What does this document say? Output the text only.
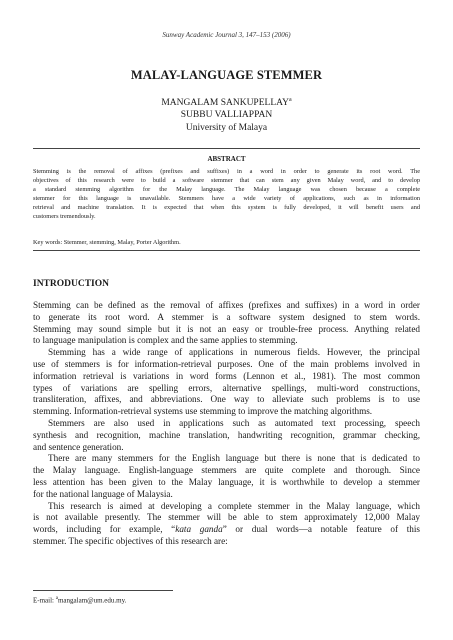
Sunway Academic Journal 3, 147–153 (2006)
MALAY-LANGUAGE STEMMER
MANGALAM SANKUPELLAY$^a$
SUBBU VALLIAPPAN
University of Malaya
ABSTRACT
Stemming is the removal of affixes (prefixes and suffixes) in a word in order to generate its root word. The
objectives of this research were to build a software stemmer that can stem any given Malay word, and to develop
a standard stemming algorithm for the Malay language. The Malay language was chosen because a complete
stemmer for this language is unavailable. Stemmers have a wide variety of applications, such as in information
retrieval and machine translation. It is expected that when this system is fully developed, it will benefit users and
customers tremendously.
Key words: Stemmer, stemming, Malay, Porter Algorithm.
INTRODUCTION
Stemming can be defined as the removal of affixes (prefixes and suffixes) in a word in order
to generate its root word. A stemmer is a software system designed to stem words.
Stemming may sound simple but it is not an easy or trouble-free process. Anything related
to language manipulation is complex and the same applies to stemming.
Stemming has a wide range of applications in numerous fields. However, the principal
use of stemmers is for information-retrieval purposes. One of the main problems involved in
information retrieval is variations in word forms (Lennon et al., 1981). The most common
types of variations are spelling errors, alternative spellings, multi-word constructions,
transliteration, affixes, and abbreviations. One way to alleviate such problems is to use
stemming. Information-retrieval systems use stemming to improve the matching algorithms.
Stemmers are also used in applications such as automated text processing, speech
synthesis and recognition, machine translation, handwriting recognition, grammar checking,
and sentence generation.
There are many stemmers for the English language but there is none that is dedicated to
the Malay language. English-language stemmers are quite complete and thorough. Since
less attention has been given to the Malay language, it is worthwhile to develop a stemmer
for the national language of Malaysia.
This research is aimed at developing a complete stemmer in the Malay language, which
is not available presently. The stemmer will be able to stem approximately 12,000 Malay
words, including for example, “kata ganda” or dual words—a notable feature of this
stemmer. The specific objectives of this research are:
E-mail: $^a$mangalam@um.edu.my.
